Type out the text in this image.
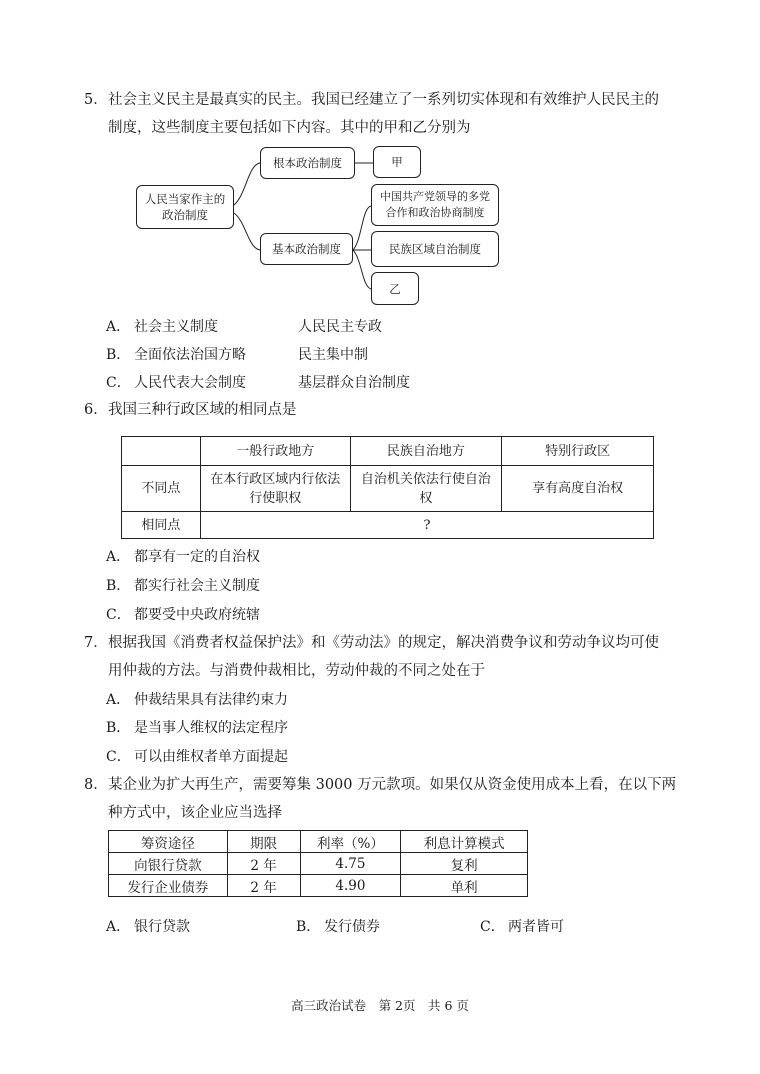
5．社会主义民主是最真实的民主。我国已经建立了一系列切实体现和有效维护人民民主的
制度，这些制度主要包括如下内容。其中的甲和乙分别为
人民当家作主的政治制度
根本政治制度	甲
基本政治制度
中国共产党领导的多党合作和政治协商制度
民族区域自治制度
乙
A． 社会主义制度	人民民主专政
B． 全面依法治国方略	民主集中制
C． 人民代表大会制度	基层群众自治制度
6．我国三种行政区域的相同点是
	一般行政地方	民族自治地方	特别行政区
不同点	在本行政区域内行依法行使职权	自治机关依法行使自治权	享有高度自治权
相同点	?		
A． 都享有一定的自治权
B． 都实行社会主义制度
C． 都要受中央政府统辖
7．根据我国《消费者权益保护法》和《劳动法》的规定，解决消费争议和劳动争议均可使
用仲裁的方法。与消费仲裁相比，劳动仲裁的不同之处在于
A． 仲裁结果具有法律约束力
B． 是当事人维权的法定程序
C． 可以由维权者单方面提起
8．某企业为扩大再生产，需要筹集 3000 万元款项。如果仅从资金使用成本上看，在以下两
种方式中，该企业应当选择
筹资途径	期限	利率（%）	利息计算模式
向银行贷款	2 年	4.75	复利
发行企业债券	2 年	4.90	单利
A． 银行贷款	B． 发行债券	C． 两者皆可
高三政治试卷　第 2页　共 6 页
